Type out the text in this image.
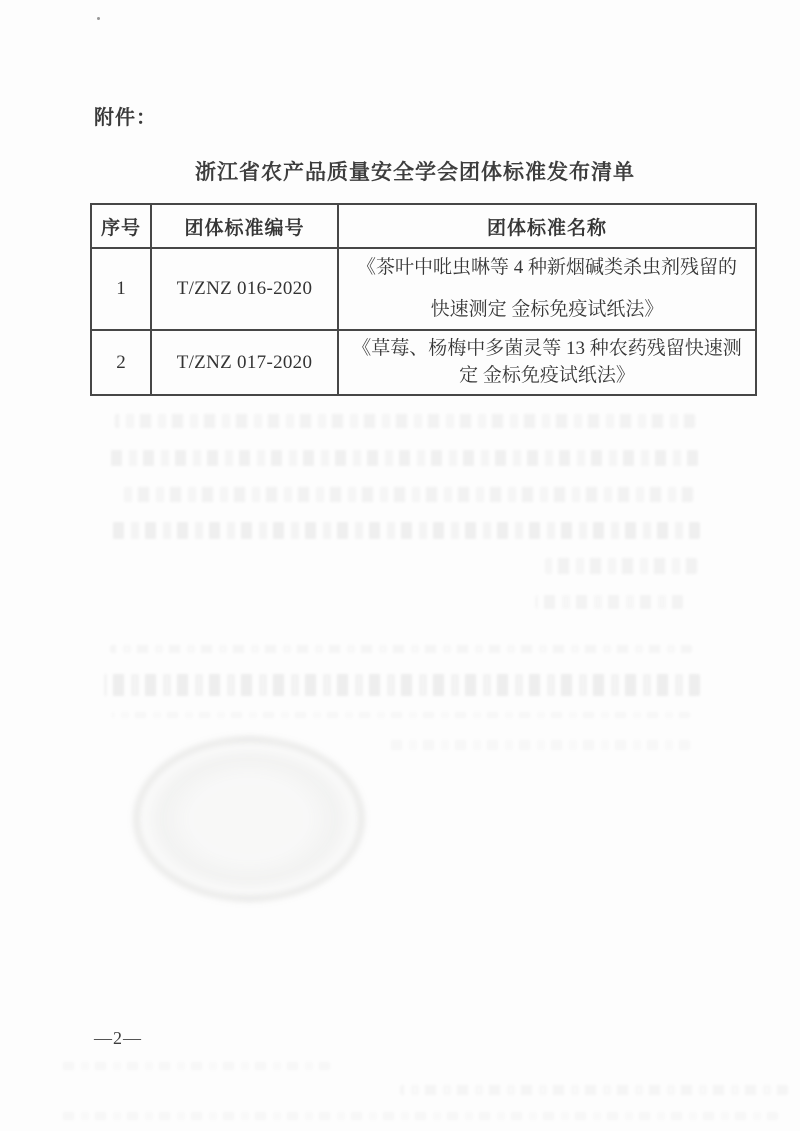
附件：
浙江省农产品质量安全学会团体标准发布清单
序号	团体标准编号	团体标准名称
1	T/ZNZ 016-2020	《茶叶中吡虫啉等 4 种新烟碱类杀虫剂残留的
快速测定 金标免疫试纸法》

2	T/ZNZ 017-2020	《草莓、杨梅中多菌灵等 13 种农药残留快速测
定 金标免疫试纸法》
—2—
